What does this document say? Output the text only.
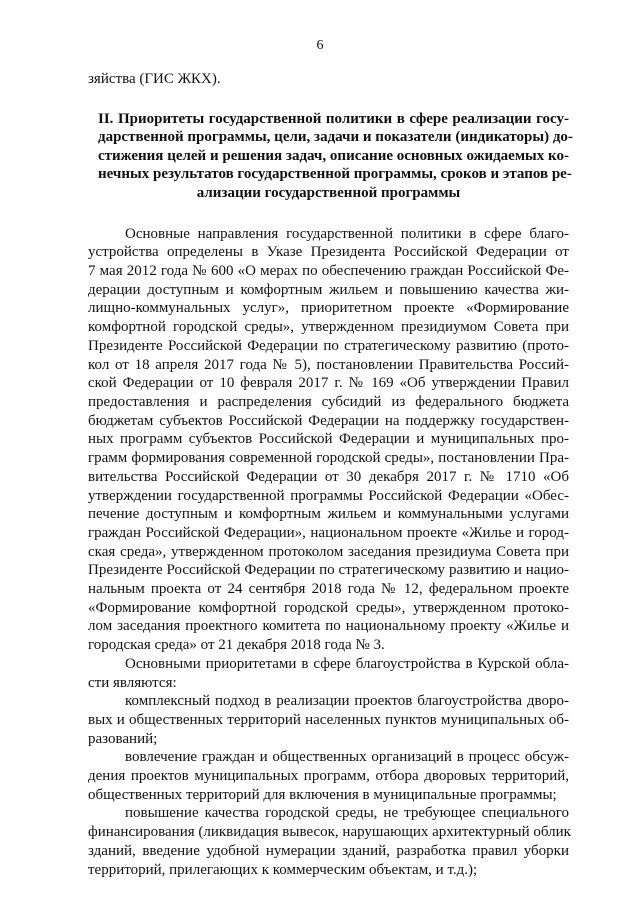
6
зяйства (ГИС ЖКХ).
II. Приоритеты государственной политики в сфере реализации госу-
дарственной программы, цели, задачи и показатели (индикаторы) до-
стижения целей и решения задач, описание основных ожидаемых ко-
нечных результатов государственной программы, сроков и этапов ре-
ализации государственной программы
Основные направления государственной политики в сфере благо-
устройства определены в Указе Президента Российской Федерации от
7 мая 2012 года № 600 «О мерах по обеспечению граждан Российской Фе-
дерации доступным и комфортным жильем и повышению качества жи-
лищно-коммунальных услуг», приоритетном проекте «Формирование
комфортной городской среды», утвержденном президиумом Совета при
Президенте Российской Федерации по стратегическому развитию (прото-
кол от 18 апреля 2017 года № 5), постановлении Правительства Россий-
ской Федерации от 10 февраля 2017 г. № 169 «Об утверждении Правил
предоставления и распределения субсидий из федерального бюджета
бюджетам субъектов Российской Федерации на поддержку государствен-
ных программ субъектов Российской Федерации и муниципальных про-
грамм формирования современной городской среды», постановлении Пра-
вительства Российской Федерации от 30 декабря 2017 г. № 1710 «Об
утверждении государственной программы Российской Федерации «Обес-
печение доступным и комфортным жильем и коммунальными услугами
граждан Российской Федерации», национальном проекте «Жилье и город-
ская среда», утвержденном протоколом заседания президиума Совета при
Президенте Российской Федерации по стратегическому развитию и нацио-
нальным проекта от 24 сентября 2018 года № 12, федеральном проекте
«Формирование комфортной городской среды», утвержденном протоко-
лом заседания проектного комитета по национальному проекту «Жилье и
городская среда» от 21 декабря 2018 года № 3.
Основными приоритетами в сфере благоустройства в Курской обла-
сти являются:
комплексный подход в реализации проектов благоустройства дворо-
вых и общественных территорий населенных пунктов муниципальных об-
разований;
вовлечение граждан и общественных организаций в процесс обсуж-
дения проектов муниципальных программ, отбора дворовых территорий,
общественных территорий для включения в муниципальные программы;
повышение качества городской среды, не требующее специального
финансирования (ликвидация вывесок, нарушающих архитектурный облик
зданий, введение удобной нумерации зданий, разработка правил уборки
территорий, прилегающих к коммерческим объектам, и т.д.);
